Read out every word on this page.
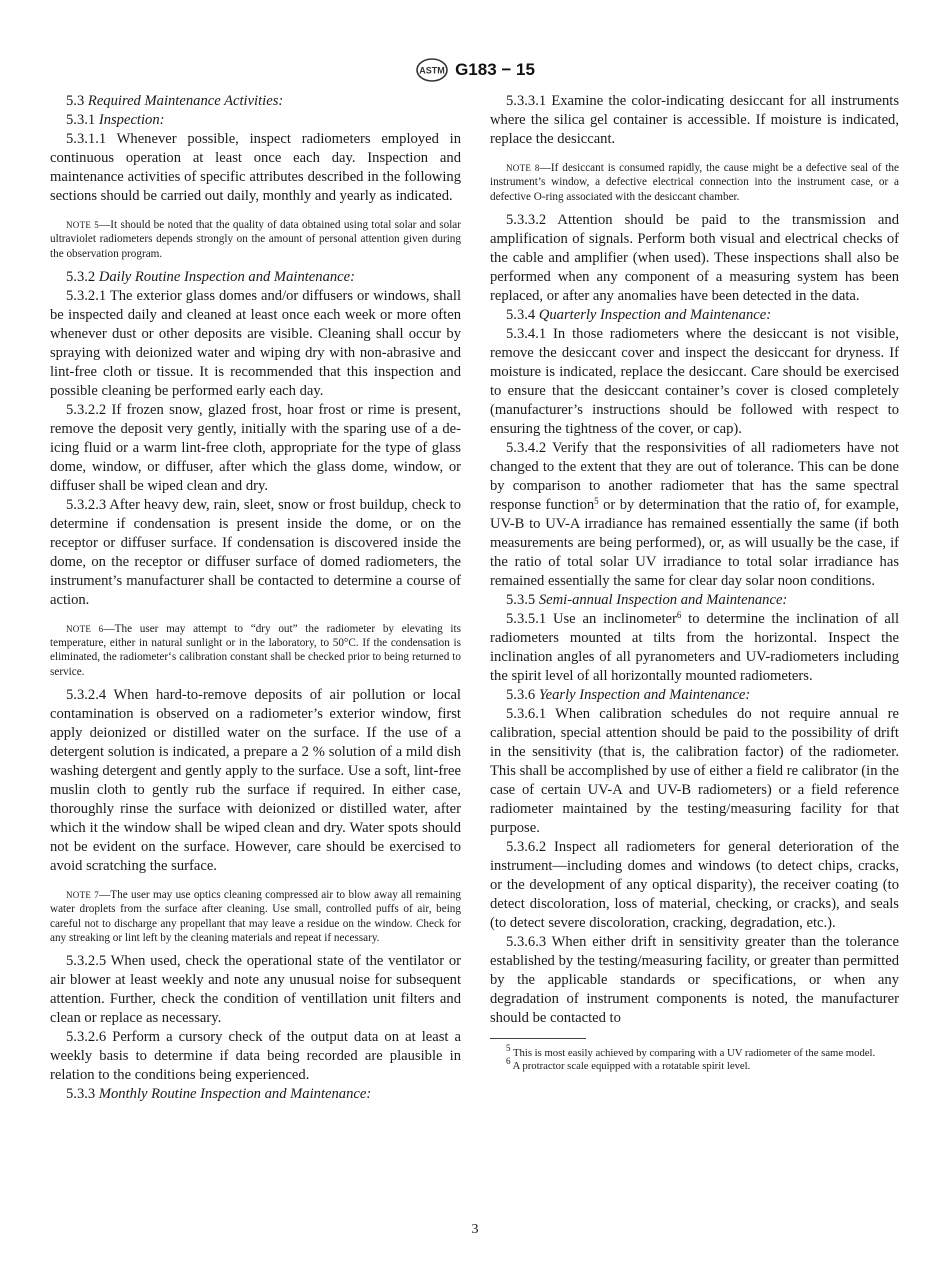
ASTM G183 − 15

5.3 Required Maintenance Activities:

5.3.1 Inspection:

5.3.1.1 Whenever possible, inspect radiometers employed in continuous operation at least once each day. Inspection and maintenance activities of specific attributes described in the following sections should be carried out daily, monthly and yearly as indicated.

NOTE 5—It should be noted that the quality of data obtained using total solar and solar ultraviolet radiometers depends strongly on the amount of personal attention given during the observation program.

5.3.2 Daily Routine Inspection and Maintenance:

5.3.2.1 The exterior glass domes and/or diffusers or windows, shall be inspected daily and cleaned at least once each week or more often whenever dust or other deposits are visible. Cleaning shall occur by spraying with deionized water and wiping dry with non-abrasive and lint-free cloth or tissue. It is recommended that this inspection and possible cleaning be performed early each day.

5.3.2.2 If frozen snow, glazed frost, hoar frost or rime is present, remove the deposit very gently, initially with the sparing use of a de-icing fluid or a warm lint-free cloth, appropriate for the type of glass dome, window, or diffuser, after which the glass dome, window, or diffuser shall be wiped clean and dry.

5.3.2.3 After heavy dew, rain, sleet, snow or frost buildup, check to determine if condensation is present inside the dome, or on the receptor or diffuser surface. If condensation is discovered inside the dome, on the receptor or diffuser surface of domed radiometers, the instrument’s manufacturer shall be contacted to determine a course of action.

NOTE 6—The user may attempt to “dry out” the radiometer by elevating its temperature, either in natural sunlight or in the laboratory, to 50°C. If the condensation is eliminated, the radiometer‘s calibration constant shall be checked prior to being returned to service.

5.3.2.4 When hard-to-remove deposits of air pollution or local contamination is observed on a radiometer’s exterior window, first apply deionized or distilled water on the surface. If the use of a detergent solution is indicated, a prepare a 2 % solution of a mild dish washing detergent and gently apply to the surface. Use a soft, lint-free muslin cloth to gently rub the surface if required. In either case, thoroughly rinse the surface with deionized or distilled water, after which it the window shall be wiped clean and dry. Water spots should not be evident on the surface. However, care should be exercised to avoid scratching the surface.

NOTE 7—The user may use optics cleaning compressed air to blow away all remaining water droplets from the surface after cleaning. Use small, controlled puffs of air, being careful not to discharge any propellant that may leave a residue on the window. Check for any streaking or lint left by the cleaning materials and repeat if necessary.

5.3.2.5 When used, check the operational state of the ventilator or air blower at least weekly and note any unusual noise for subsequent attention. Further, check the condition of ventillation unit filters and clean or replace as necessary.

5.3.2.6 Perform a cursory check of the output data on at least a weekly basis to determine if data being recorded are plausible in relation to the conditions being experienced.

5.3.3 Monthly Routine Inspection and Maintenance:

5.3.3.1 Examine the color-indicating desiccant for all instruments where the silica gel container is accessible. If moisture is indicated, replace the desiccant.

NOTE 8—If desiccant is consumed rapidly, the cause might be a defective seal of the instrument’s window, a defective electrical connection into the instrument case, or a defective O-ring associated with the desiccant chamber.

5.3.3.2 Attention should be paid to the transmission and amplification of signals. Perform both visual and electrical checks of the cable and amplifier (when used). These inspections shall also be performed when any component of a measuring system has been replaced, or after any anomalies have been detected in the data.

5.3.4 Quarterly Inspection and Maintenance:

5.3.4.1 In those radiometers where the desiccant is not visible, remove the desiccant cover and inspect the desiccant for dryness. If moisture is indicated, replace the desiccant. Care should be exercised to ensure that the desiccant container’s cover is closed completely (manufacturer’s instructions should be followed with respect to ensuring the tightness of the cover, or cap).

5.3.4.2 Verify that the responsivities of all radiometers have not changed to the extent that they are out of tolerance. This can be done by comparison to another radiometer that has the same spectral response function$^5$ or by determination that the ratio of, for example, UV-B to UV-A irradiance has remained essentially the same (if both measurements are being performed), or, as will usually be the case, if the ratio of total solar UV irradiance to total solar irradiance has remained essentially the same for clear day solar noon conditions.

5.3.5 Semi-annual Inspection and Maintenance:

5.3.5.1 Use an inclinometer$^6$ to determine the inclination of all radiometers mounted at tilts from the horizontal. Inspect the inclination angles of all pyranometers and UV-radiometers including the spirit level of all horizontally mounted radiometers.

5.3.6 Yearly Inspection and Maintenance:

5.3.6.1 When calibration schedules do not require annual re calibration, special attention should be paid to the possibility of drift in the sensitivity (that is, the calibration factor) of the radiometer. This shall be accomplished by use of either a field re calibrator (in the case of certain UV-A and UV-B radiometers) or a field reference radiometer maintained by the testing/measuring facility for that purpose.

5.3.6.2 Inspect all radiometers for general deterioration of the instrument—including domes and windows (to detect chips, cracks, or the development of any optical disparity), the receiver coating (to detect discoloration, loss of material, checking, or cracks), and seals (to detect severe discoloration, cracking, degradation, etc.).

5.3.6.3 When either drift in sensitivity greater than the tolerance established by the testing/measuring facility, or greater than permitted by the applicable standards or specifications, or when any degradation of instrument components is noted, the manufacturer should be contacted to

$^5$ This is most easily achieved by comparing with a UV radiometer of the same model.

$^6$ A protractor scale equipped with a rotatable spirit level.

3
